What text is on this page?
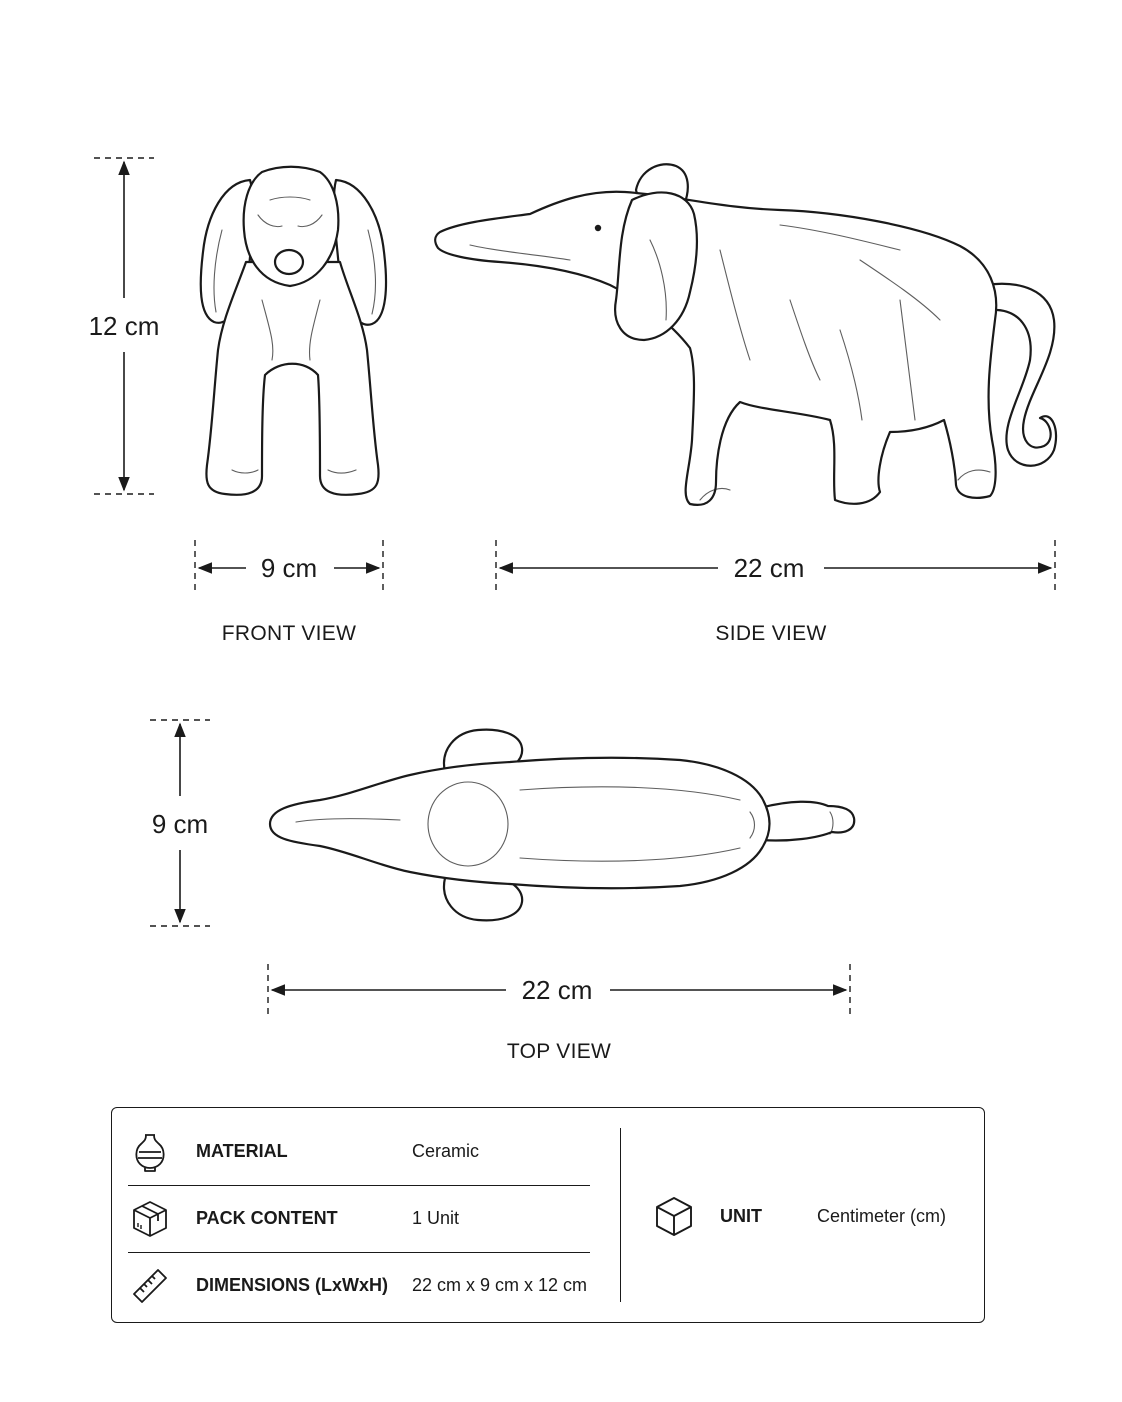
12 cm
9 cm
FRONT VIEW
22 cm
SIDE VIEW
9 cm
22 cm
TOP VIEW
MATERIAL	Ceramic
PACK CONTENT	1 Unit
DIMENSIONS (LxWxH) 22 cm x 9 cm x 12 cm
UNIT	Centimeter (cm)
